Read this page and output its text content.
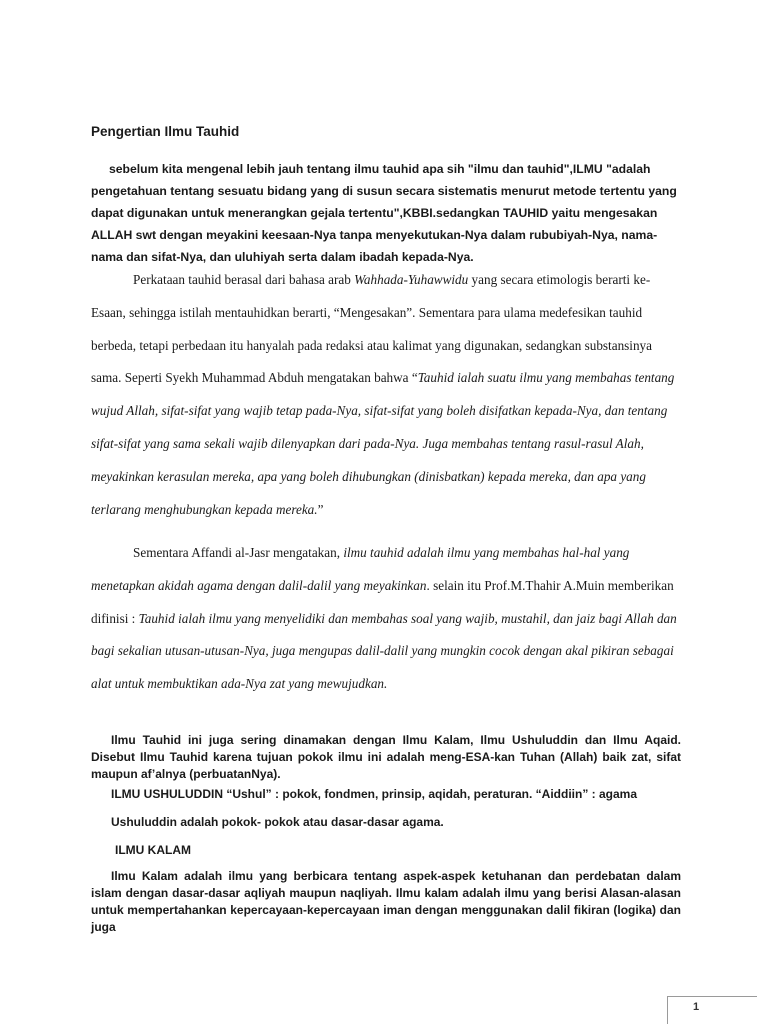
Pengertian Ilmu Tauhid

sebelum kita mengenal lebih jauh tentang ilmu tauhid apa sih "ilmu dan tauhid",ILMU "adalah pengetahuan tentang sesuatu bidang yang di susun secara sistematis menurut metode tertentu yang dapat digunakan untuk menerangkan gejala tertentu",KBBI.sedangkan TAUHID yaitu mengesakan ALLAH swt dengan meyakini keesaan-Nya tanpa menyekutukan-Nya dalam rububiyah-Nya, nama-nama dan sifat-Nya, dan uluhiyah serta dalam ibadah kepada-Nya.

Perkataan tauhid berasal dari bahasa arab Wahhada-Yuhawwidu yang secara etimologis berarti ke-Esaan, sehingga istilah mentauhidkan berarti, “Mengesakan”. Sementara para ulama medefesikan tauhid berbeda, tetapi perbedaan itu hanyalah pada redaksi atau kalimat yang digunakan, sedangkan substansinya sama. Seperti Syekh Muhammad Abduh mengatakan bahwa “Tauhid ialah suatu ilmu yang membahas tentang wujud Allah, sifat-sifat yang wajib tetap pada-Nya, sifat-sifat yang boleh disifatkan kepada-Nya, dan tentang sifat-sifat yang sama sekali wajib dilenyapkan dari pada-Nya. Juga membahas tentang rasul-rasul Alah, meyakinkan kerasulan mereka, apa yang boleh dihubungkan (dinisbatkan) kepada mereka, dan apa yang terlarang menghubungkan kepada mereka.”

Sementara Affandi al-Jasr mengatakan, ilmu tauhid adalah ilmu yang membahas hal-hal yang menetapkan akidah agama dengan dalil-dalil yang meyakinkan. selain itu Prof.M.Thahir A.Muin memberikan difinisi : Tauhid ialah ilmu yang menyelidiki dan membahas soal yang wajib, mustahil, dan jaiz bagi Allah dan bagi sekalian utusan-utusan-Nya, juga mengupas dalil-dalil yang mungkin cocok dengan akal pikiran sebagai alat untuk membuktikan ada-Nya zat yang mewujudkan.

Ilmu Tauhid ini juga sering dinamakan dengan Ilmu Kalam, Ilmu Ushuluddin dan Ilmu Aqaid. Disebut Ilmu Tauhid karena tujuan pokok ilmu ini adalah meng-ESA-kan Tuhan (Allah) baik zat, sifat maupun af’alnya (perbuatanNya).

ILMU USHULUDDIN “Ushul” : pokok, fondmen, prinsip, aqidah, peraturan. “Aiddiin” : agama

Ushuluddin adalah pokok- pokok atau dasar-dasar agama.

ILMU KALAM

Ilmu Kalam adalah ilmu yang berbicara tentang aspek-aspek ketuhanan dan perdebatan dalam islam dengan dasar-dasar aqliyah maupun naqliyah. Ilmu kalam adalah ilmu yang berisi Alasan-alasan untuk mempertahankan kepercayaan-kepercayaan iman dengan menggunakan dalil fikiran (logika) dan juga

1
